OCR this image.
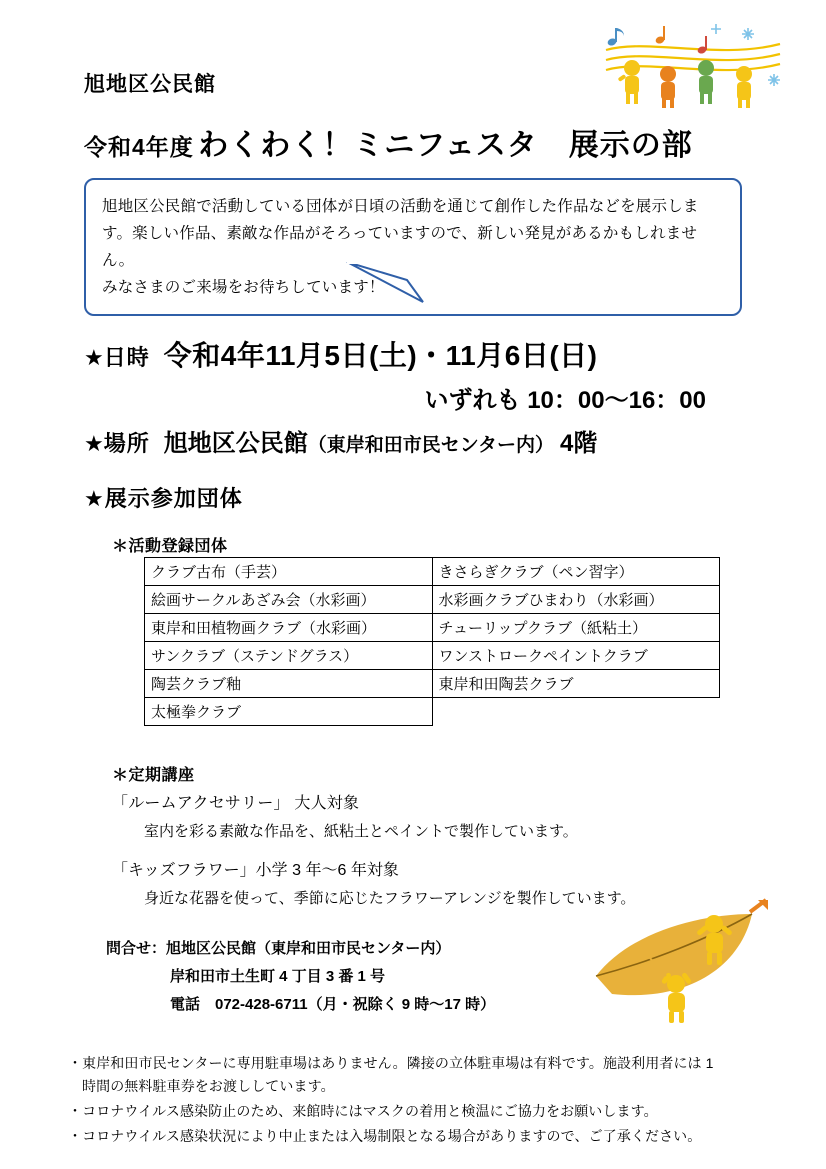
旭地区公民館
令和4年度 わくわく！ミニフェスタ　展示の部
旭地区公民館で活動している団体が日頃の活動を通じて創作した作品などを展示しま
す。楽しい作品、素敵な作品がそろっていますので、新しい発見があるかもしれません。
みなさまのご来場をお待ちしています！
★日時 令和4年11月5日(土)・11月6日(日)
いずれも 10：00〜16：00
★場所 旭地区公民館（東岸和田市民センター内） 4階
★展示参加団体
＊活動登録団体
クラブ古布（手芸）	きさらぎクラブ（ペン習字）
絵画サークルあざみ会（水彩画）	水彩画クラブひまわり（水彩画）
東岸和田植物画クラブ（水彩画）	チューリップクラブ（紙粘土）
サンクラブ（ステンドグラス）	ワンストロークペイントクラブ
陶芸クラブ釉	東岸和田陶芸クラブ
太極拳クラブ	
＊定期講座
「ルームアクセサリー」 大人対象
室内を彩る素敵な作品を、紙粘土とペイントで製作しています。
「キッズフラワー」小学 3 年〜6 年対象
身近な花器を使って、季節に応じたフラワーアレンジを製作しています。
問合せ：旭地区公民館（東岸和田市民センター内）
岸和田市土生町 4 丁目 3 番 1 号
電話　072-428-6711（月・祝除く 9 時〜17 時）
・東岸和田市民センターに専用駐車場はありません。隣接の立体駐車場は有料です。施設利用者には 1
時間の無料駐車券をお渡ししています。
・コロナウイルス感染防止のため、来館時にはマスクの着用と検温にご協力をお願いします。
・コロナウイルス感染状況により中止または入場制限となる場合がありますので、ご了承ください。
